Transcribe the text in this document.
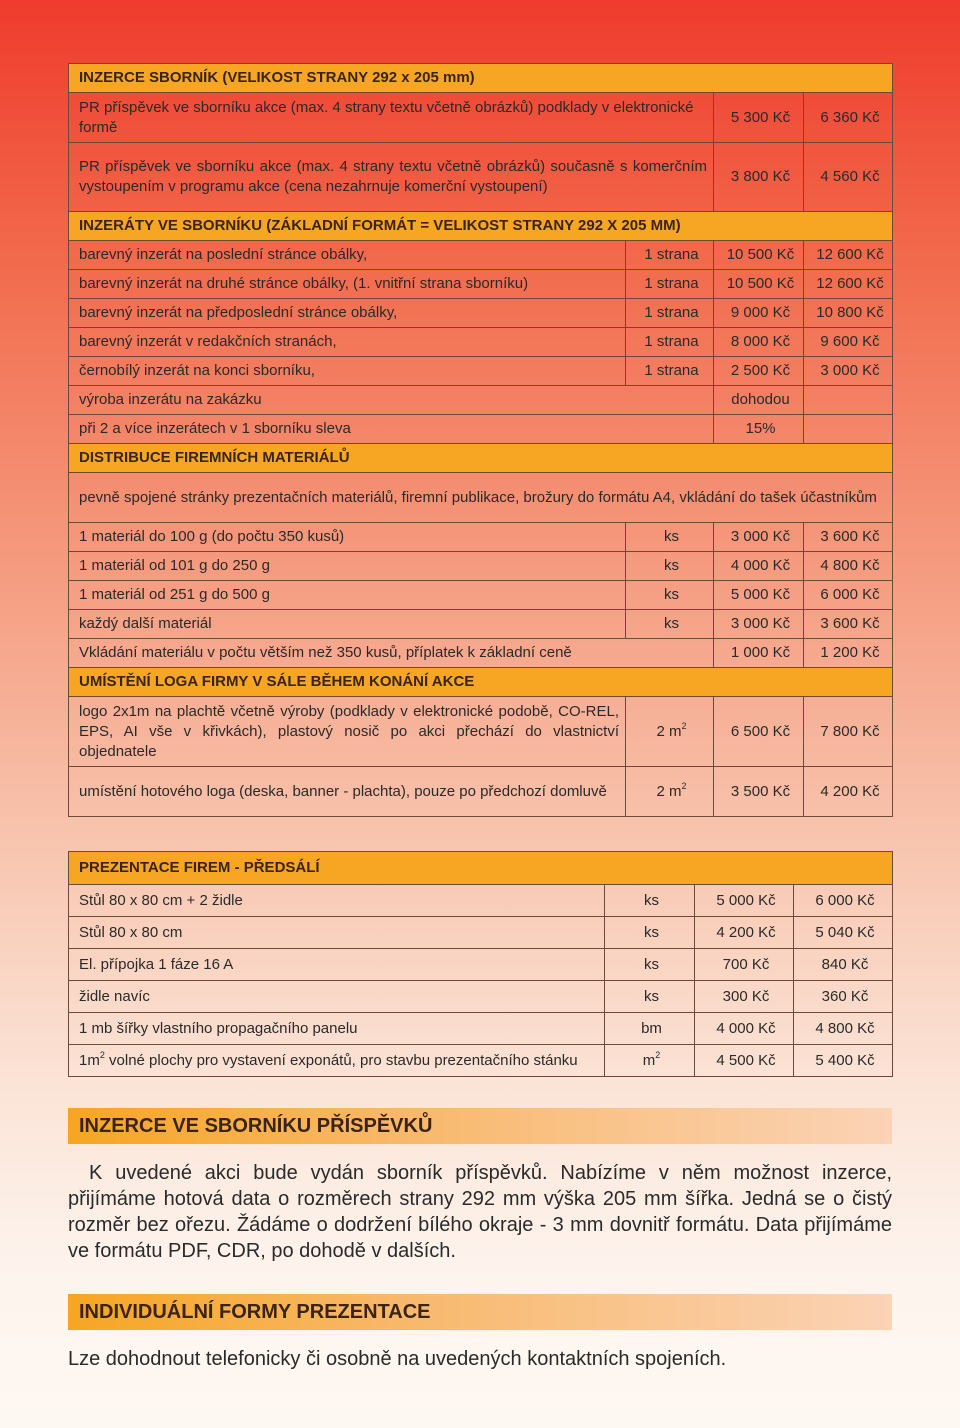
INZERCE SBORNÍK (VELIKOST STRANY 292 x 205 mm)			
PR příspěvek ve sborníku akce (max. 4 strany textu včetně obrázků) podklady v elektronické formě		5 300 Kč	6 360 Kč
PR příspěvek ve sborníku akce (max. 4 strany textu včetně obrázků) současně s komerčním vystoupením v programu akce (cena nezahrnuje komerční vystoupení)		3 800 Kč	4 560 Kč
INZERÁTY VE SBORNÍKU (ZÁKLADNÍ FORMÁT = VELIKOST STRANY 292 X 205 MM)			
barevný inzerát na poslední stránce obálky,	1 strana	10 500 Kč	12 600 Kč
barevný inzerát na druhé stránce obálky, (1. vnitřní strana sborníku)	1 strana	10 500 Kč	12 600 Kč
barevný inzerát na předposlední stránce obálky,	1 strana	9 000 Kč	10 800 Kč
barevný inzerát v redakčních stranách,	1 strana	8 000 Kč	9 600 Kč
černobílý inzerát na konci sborníku,	1 strana	2 500 Kč	3 000 Kč
výroba inzerátu na zakázku		dohodou	
při 2 a více inzerátech v 1 sborníku sleva		15%	
DISTRIBUCE FIREMNÍCH MATERIÁLŮ			
pevně spojené stránky prezentačních materiálů, firemní publikace, brožury do formátu A4, vkládání do tašek účastníkům			
1 materiál do 100 g (do počtu 350 kusů)	ks	3 000 Kč	3 600 Kč
1 materiál od 101 g do 250 g	ks	4 000 Kč	4 800 Kč
1 materiál od 251 g do 500 g	ks	5 000 Kč	6 000 Kč
každý další materiál	ks	3 000 Kč	3 600 Kč
Vkládání materiálu v počtu větším než 350 kusů, příplatek k základní ceně		1 000 Kč	1 200 Kč
UMÍSTĚNÍ LOGA FIRMY V SÁLE BĚHEM KONÁNÍ AKCE			
logo 2x1m na plachtě včetně výroby (podklady v elektronické podobě, CO-REL, EPS, AI vše v křivkách), plastový nosič po akci přechází do vlastnictví objednatele	2 $m^2$	6 500 Kč	7 800 Kč
umístění hotového loga (deska, banner - plachta), pouze po předchozí domluvě	2 $m^2$	3 500 Kč	4 200 Kč
PREZENTACE FIREM - PŘEDSÁLÍ			
Stůl 80 x 80 cm + 2 židle	ks	5 000 Kč	6 000 Kč
Stůl 80 x 80 cm	ks	4 200 Kč	5 040 Kč
El. přípojka 1 fáze 16 A	ks	700 Kč	840 Kč
židle navíc	ks	300 Kč	360 Kč
1 mb šířky vlastního propagačního panelu	bm	4 000 Kč	4 800 Kč
$1m^2$ volné plochy pro vystavení exponátů, pro stavbu prezentačního stánku	$m^2$	4 500 Kč	5 400 Kč
INZERCE VE SBORNÍKU PŘÍSPĚVKŮ

K uvedené akci bude vydán sborník příspěvků. Nabízíme v něm možnost inzerce, přijímáme hotová data o rozměrech strany 292 mm výška 205 mm šířka. Jedná se o čistý rozměr bez ořezu. Žádáme o dodržení bílého okraje - 3 mm dovnitř formátu. Data přijímáme ve formátu PDF, CDR, po dohodě v dalších.

INDIVIDUÁLNÍ FORMY PREZENTACE

Lze dohodnout telefonicky či osobně na uvedených kontaktních spojeních.
